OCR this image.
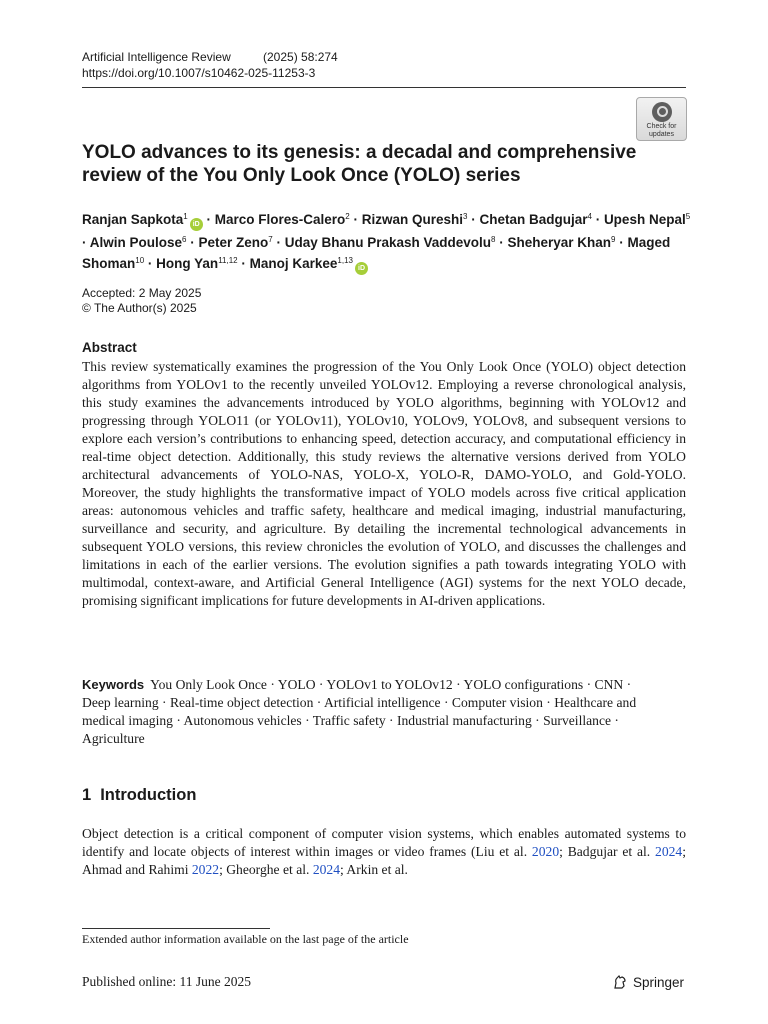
Artificial Intelligence Review	(2025) 58:274
https://doi.org/10.1007/s10462-025-11253-3
Check for
updates
YOLO advances to its genesis: a decadal and comprehensive review of the You Only Look Once (YOLO) series
Ranjan Sapkota$^1$iD · Marco Flores-Calero$^2$ · Rizwan Qureshi$^3$ · Chetan Badgujar$^4$ · Upesh Nepal$^5$ · Alwin Poulose$^6$ · Peter Zeno$^7$ · Uday Bhanu Prakash Vaddevolu$^8$ · Sheheryar Khan$^9$ · Maged Shoman$^{10}$ · Hong Yan$^{11,12}$ · Manoj Karkee$^{1,13}$iD
Accepted: 2 May 2025
© The Author(s) 2025
Abstract
This review systematically examines the progression of the You Only Look Once (YOLO) object detection algorithms from YOLOv1 to the recently unveiled YOLOv12. Employing a reverse chronological analysis, this study examines the advancements introduced by YOLO algorithms, beginning with YOLOv12 and progressing through YOLO11 (or YOLOv11), YOLOv10, YOLOv9, YOLOv8, and subsequent versions to explore each version’s contributions to enhancing speed, detection accuracy, and computational efficiency in real-time object detection. Additionally, this study reviews the alternative versions derived from YOLO architectural advancements of YOLO-NAS, YOLO-X, YOLO-R, DAMO-YOLO, and Gold-YOLO. Moreover, the study highlights the transformative impact of YOLO models across five critical application areas: autonomous vehicles and traffic safety, healthcare and medical imaging, industrial manufacturing, surveillance and security, and agriculture. By detailing the incremental technological advancements in subsequent YOLO versions, this review chronicles the evolution of YOLO, and discusses the challenges and limitations in each of the earlier versions. The evolution signifies a path towards integrating YOLO with multimodal, context-aware, and Artificial General Intelligence (AGI) systems for the next YOLO decade, promising significant implications for future developments in AI-driven applications.
Keywords You Only Look Once · YOLO · YOLOv1 to YOLOv12 · YOLO configurations · CNN · Deep learning · Real-time object detection · Artificial intelligence · Computer vision · Healthcare and medical imaging · Autonomous vehicles · Traffic safety · Industrial manufacturing · Surveillance · Agriculture
1 Introduction
Object detection is a critical component of computer vision systems, which enables automated systems to identify and locate objects of interest within images or video frames (Liu et al. 2020; Badgujar et al. 2024; Ahmad and Rahimi 2022; Gheorghe et al. 2024; Arkin et al.
Extended author information available on the last page of the article
Published online: 11 June 2025	Springer
